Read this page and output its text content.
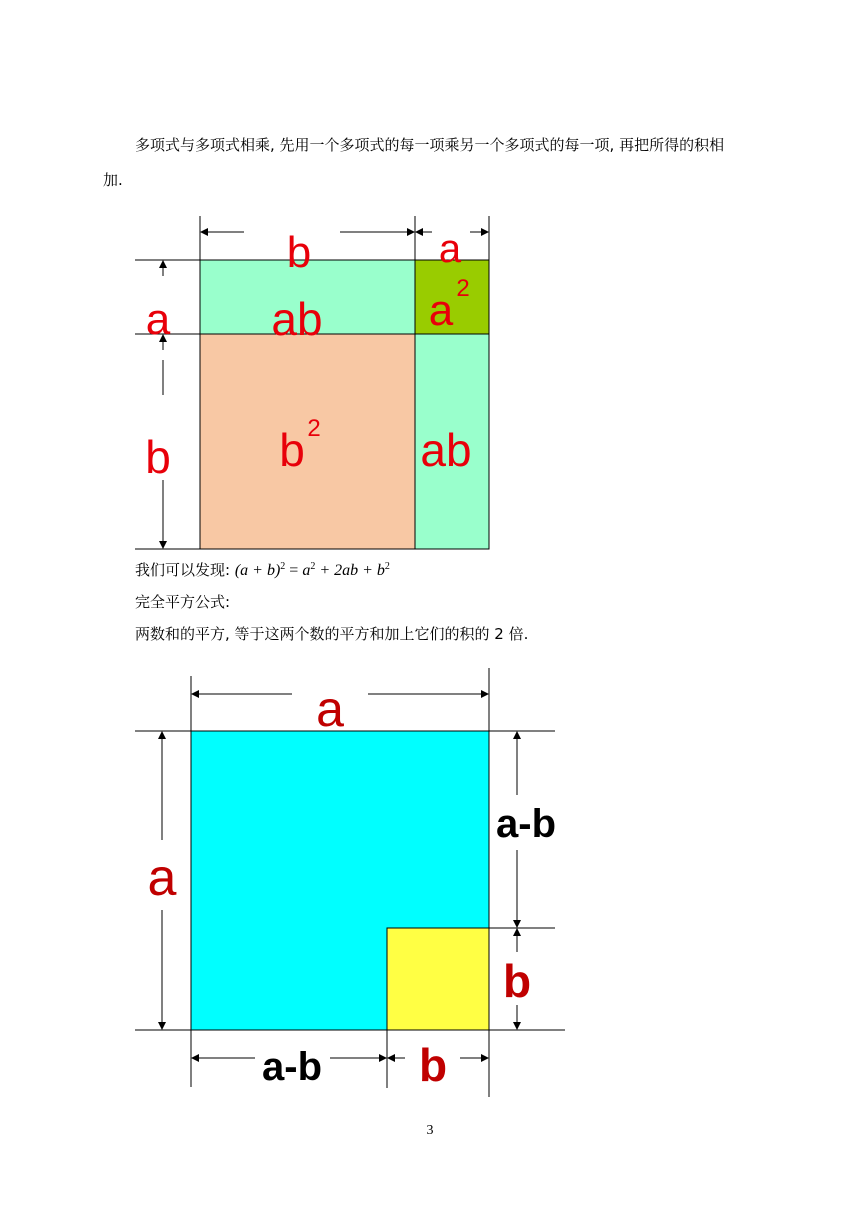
多项式与多项式相乘, 先用一个多项式的每一项乘另一个多项式的每一项, 再把所得的积相
加.
b	a
a
b
ab a 2
b 2 ab
a
a
a-b
b
a-b b
我们可以发现: $(a + b)^2 = a^2 + 2ab + b^2$
完全平方公式:
两数和的平方, 等于这两个数的平方和加上它们的积的 2 倍.
3
